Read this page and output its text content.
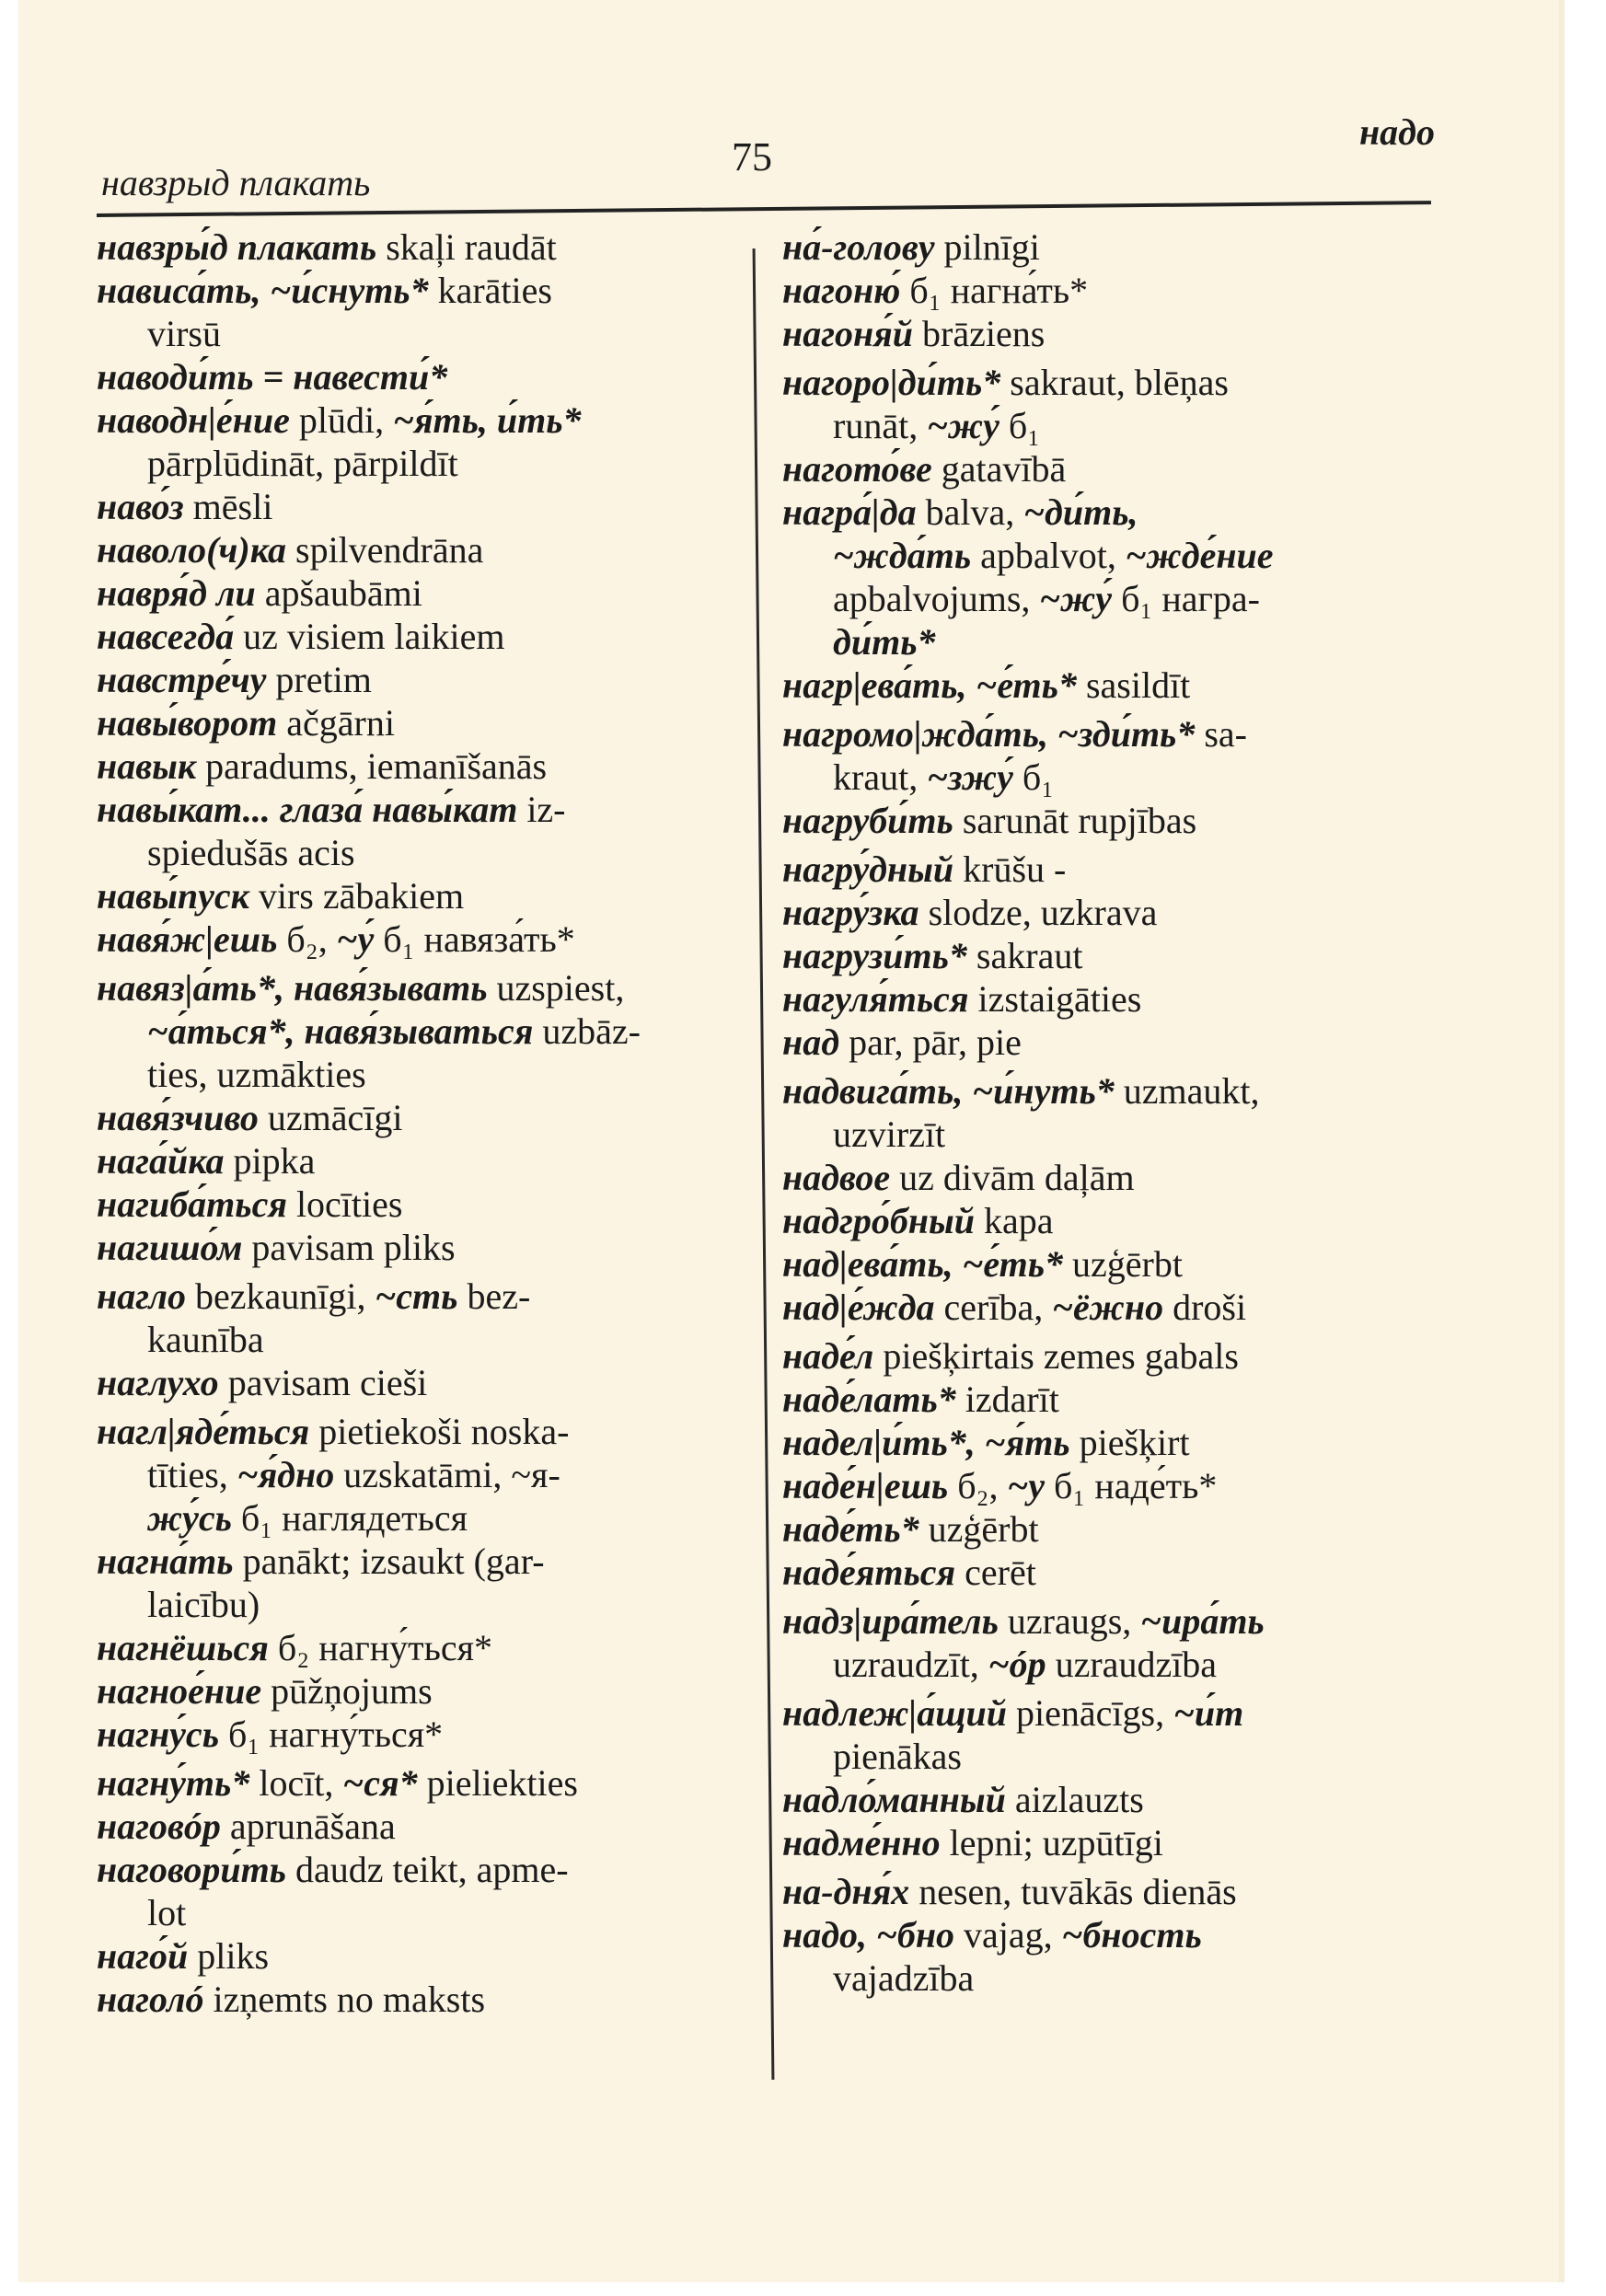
навзрыд плакать
75
надо
навзры́д плакать skaļi raudāt
нависа́ть, ~и́снуть* karāties
virsū
наводи́ть = навести́*
наводн|е́ние plūdi, ~я́ть, и́ть*
pārplūdināt, pārpildīt
наво́з mēsli
наволо(ч)ка spilvendrāna
навря́д ли apšaubāmi
навсегда́ uz visiem laikiem
навстре́чу pretim
навы́ворот ačgārni
навык paradums, iemanīšanās
навы́кат... глаза́ навы́кат iz-
spiedušās acis
навы́пуск virs zābakiem
навя́ж|ешь б₂, ~у́ б₁ навяза́ть*
навяз|а́ть*, навя́зывать uzspiest,
~а́ться*, навя́зываться uzbāz-
ties, uzmākties
навя́зчиво uzmācīgi
нага́йка pipka
нагиба́ться locīties
нагишо́м pavisam pliks
нагло bezkaunīgi, ~сть bez-
kaunība
наглухо pavisam cieši
нагл|яде́ться pietiekoši noska-
tīties, ~я́дно uzskatāmi, ~я-
жу́сь б₁ наглядеться
нагна́ть panākt; izsaukt (gar-
laicību)
нагнёшься б₂ нагну́ться*
нагное́ние pūžņojums
нагну́сь б₁ нагну́ться*
нагну́ть* locīt, ~ся* pieliekties
наговóр aprunāšana
наговори́ть daudz teikt, apme-
lot
наго́й pliks
наголó izņemts no maksts
на́-голову pilnīgi
нагоню́ б₁ нагна́ть*
нагоня́й brāziens
нагоро|ди́ть* sakraut, blēņas
runāt, ~жу́ б₁
нагото́ве gatavībā
награ́|да balva, ~ди́ть,
~жда́ть apbalvot, ~жде́ние
apbalvojums, ~жу́ б₁ награ-
ди́ть*
нагр|ева́ть, ~е́ть* sasildīt
нагромо|жда́ть, ~зди́ть* sa-
kraut, ~зжу́ б₁
нагруби́ть sarunāt rupjības
нагру́дный krūšu -
нагру́зка slodze, uzkrava
нагрузи́ть* sakraut
нагуля́ться izstaigāties
над par, pār, pie
надвига́ть, ~и́нуть* uzmaukt,
uzvirzīt
надвое uz divām daļām
надгро́бный kapa
над|ева́ть, ~е́ть* uzģērbt
над|е́жда cerība, ~ёжно droši
наде́л piešķirtais zemes gabals
наде́лать* izdarīt
надел|и́ть*, ~я́ть piešķirt
наде́н|ешь б₂, ~у б₁ наде́ть*
наде́ть* uzģērbt
наде́яться cerēt
надз|ира́тель uzraugs, ~ира́ть
uzraudzīt, ~óр uzraudzība
надлеж|а́щий pienācīgs, ~и́т
pienākas
надло́манный aizlauzts
надме́нно lepni; uzpūtīgi
на-дня́х nesen, tuvākās dienās
надо, ~бно vajag, ~бность
vajadzība
